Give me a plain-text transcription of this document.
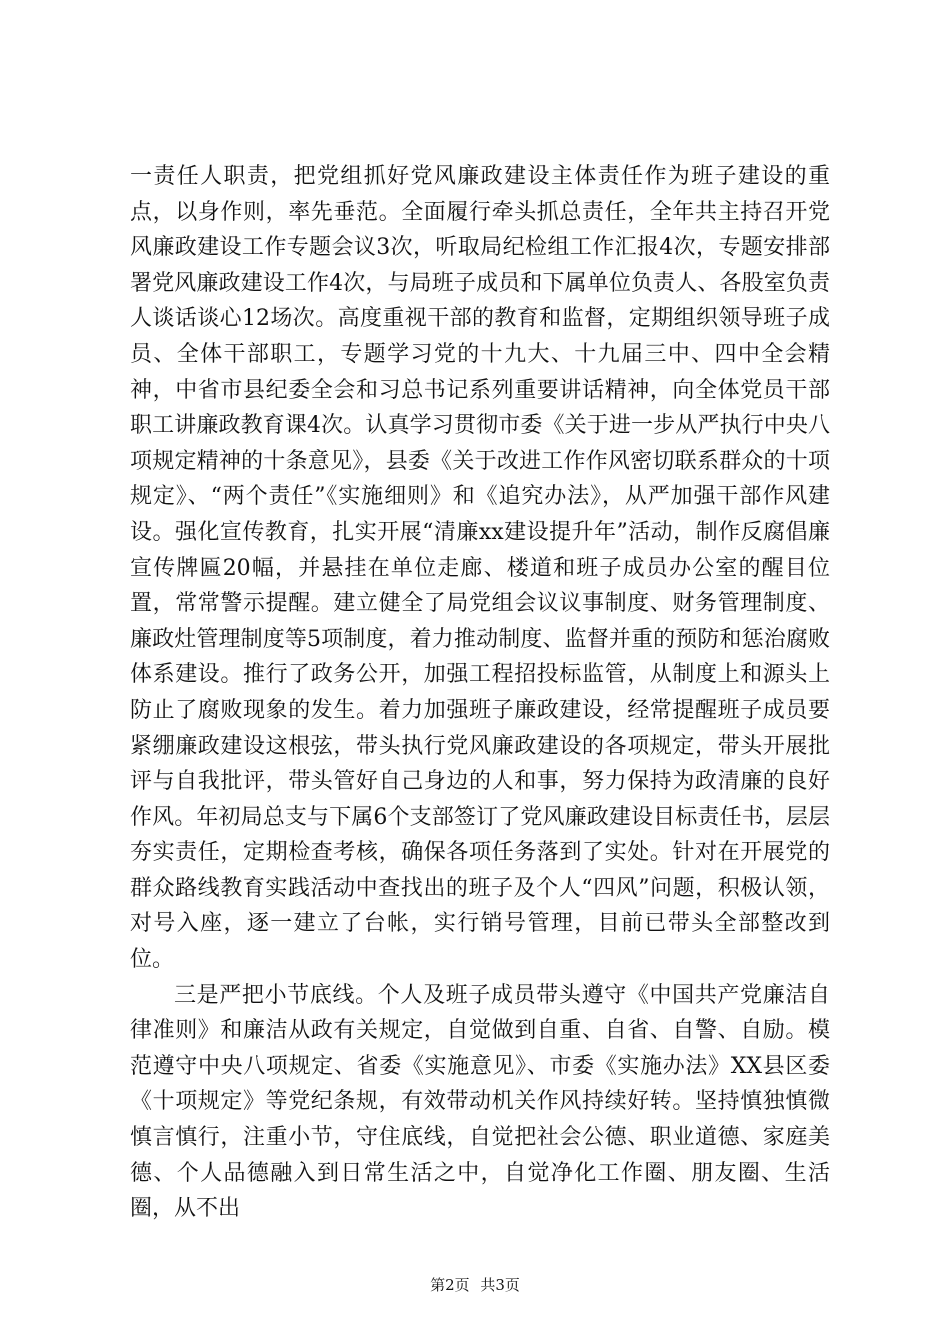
一责任人职责，把党组抓好党风廉政建设主体责任作为班子建设的重点，以身作则，率先垂范。全面履行牵头抓总责任，全年共主持召开党风廉政建设工作专题会议3次，听取局纪检组工作汇报4次，专题安排部署党风廉政建设工作4次，与局班子成员和下属单位负责人、各股室负责人谈话谈心12场次。高度重视干部的教育和监督，定期组织领导班子成员、全体干部职工，专题学习党的十九大、十九届三中、四中全会精神，中省市县纪委全会和习总书记系列重要讲话精神，向全体党员干部职工讲廉政教育课4次。认真学习贯彻市委《关于进一步从严执行中央八项规定精神的十条意见》，县委《关于改进工作作风密切联系群众的十项规定》、“两个责任”《实施细则》和《追究办法》，从严加强干部作风建设。强化宣传教育，扎实开展“清廉xx建设提升年”活动，制作反腐倡廉宣传牌匾20幅，并悬挂在单位走廊、楼道和班子成员办公室的醒目位置，常常警示提醒。建立健全了局党组会议议事制度、财务管理制度、廉政灶管理制度等5项制度，着力推动制度、监督并重的预防和惩治腐败体系建设。推行了政务公开，加强工程招投标监管，从制度上和源头上防止了腐败现象的发生。着力加强班子廉政建设，经常提醒班子成员要紧绷廉政建设这根弦，带头执行党风廉政建设的各项规定，带头开展批评与自我批评，带头管好自己身边的人和事，努力保持为政清廉的良好作风。年初局总支与下属6个支部签订了党风廉政建设目标责任书，层层夯实责任，定期检查考核，确保各项任务落到了实处。针对在开展党的群众路线教育实践活动中查找出的班子及个人“四风”问题，积极认领，对号入座，逐一建立了台帐，实行销号管理，目前已带头全部整改到位。

三是严把小节底线。个人及班子成员带头遵守《中国共产党廉洁自律准则》和廉洁从政有关规定，自觉做到自重、自省、自警、自励。模范遵守中央八项规定、省委《实施意见》、市委《实施办法》XX县区委《十项规定》等党纪条规，有效带动机关作风持续好转。坚持慎独慎微慎言慎行，注重小节，守住底线，自觉把社会公德、职业道德、家庭美德、个人品德融入到日常生活之中，自觉净化工作圈、朋友圈、生活圈，从不出

第2页 共3页
